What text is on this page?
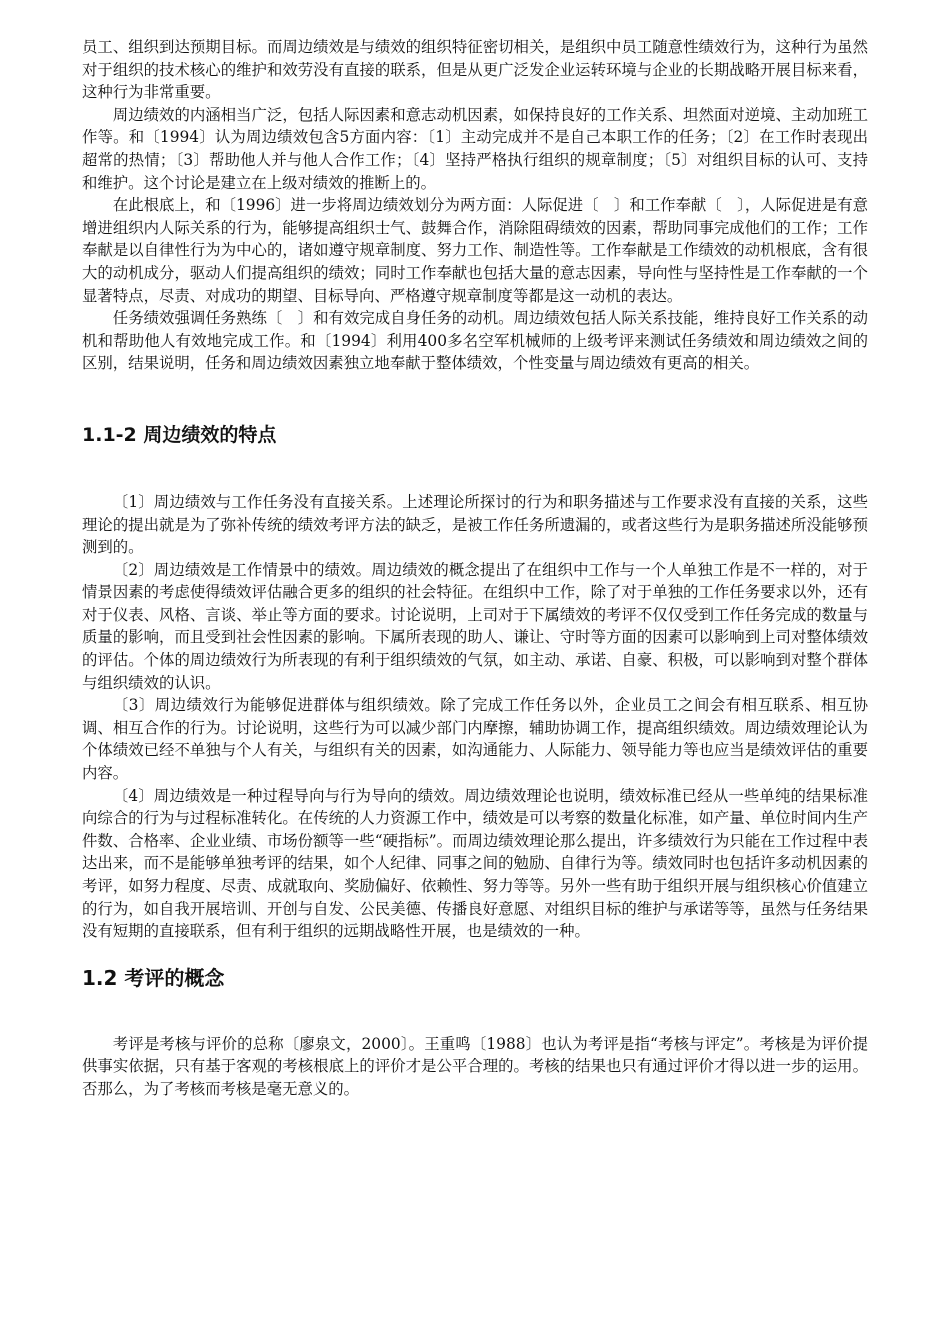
员工、组织到达预期目标。而周边绩效是与绩效的组织特征密切相关，是组织中员工随意性绩效行为，这种行为虽然对于组织的技术核心的维护和效劳没有直接的联系，但是从更广泛发企业运转环境与企业的长期战略开展目标来看，这种行为非常重要。

周边绩效的内涵相当广泛，包括人际因素和意志动机因素，如保持良好的工作关系、坦然面对逆境、主动加班工作等。和〔1994〕认为周边绩效包含5方面内容：〔1〕主动完成并不是自己本职工作的任务；〔2〕在工作时表现出超常的热情；〔3〕帮助他人并与他人合作工作；〔4〕坚持严格执行组织的规章制度；〔5〕对组织目标的认可、支持和维护。这个讨论是建立在上级对绩效的推断上的。

在此根底上，和〔1996〕进一步将周边绩效划分为两方面：人际促进〔　〕和工作奉献〔　〕，人际促进是有意增进组织内人际关系的行为，能够提高组织士气、鼓舞合作，消除阻碍绩效的因素，帮助同事完成他们的工作；工作奉献是以自律性行为为中心的，诸如遵守规章制度、努力工作、制造性等。工作奉献是工作绩效的动机根底，含有很大的动机成分，驱动人们提高组织的绩效；同时工作奉献也包括大量的意志因素，导向性与坚持性是工作奉献的一个显著特点，尽责、对成功的期望、目标导向、严格遵守规章制度等都是这一动机的表达。

任务绩效强调任务熟练〔　〕和有效完成自身任务的动机。周边绩效包括人际关系技能，维持良好工作关系的动机和帮助他人有效地完成工作。和〔1994〕利用400多名空军机械师的上级考评来测试任务绩效和周边绩效之间的区别，结果说明，任务和周边绩效因素独立地奉献于整体绩效，个性变量与周边绩效有更高的相关。

1.1-2 周边绩效的特点

〔1〕周边绩效与工作任务没有直接关系。上述理论所探讨的行为和职务描述与工作要求没有直接的关系，这些理论的提出就是为了弥补传统的绩效考评方法的缺乏，是被工作任务所遗漏的，或者这些行为是职务描述所没能够预测到的。

〔2〕周边绩效是工作情景中的绩效。周边绩效的概念提出了在组织中工作与一个人单独工作是不一样的，对于情景因素的考虑使得绩效评估融合更多的组织的社会特征。在组织中工作，除了对于单独的工作任务要求以外，还有对于仪表、风格、言谈、举止等方面的要求。讨论说明，上司对于下属绩效的考评不仅仅受到工作任务完成的数量与质量的影响，而且受到社会性因素的影响。下属所表现的助人、谦让、守时等方面的因素可以影响到上司对整体绩效的评估。个体的周边绩效行为所表现的有利于组织绩效的气氛，如主动、承诺、自豪、积极，可以影响到对整个群体与组织绩效的认识。

〔3〕周边绩效行为能够促进群体与组织绩效。除了完成工作任务以外，企业员工之间会有相互联系、相互协调、相互合作的行为。讨论说明，这些行为可以减少部门内摩擦，辅助协调工作，提高组织绩效。周边绩效理论认为个体绩效已经不单独与个人有关，与组织有关的因素，如沟通能力、人际能力、领导能力等也应当是绩效评估的重要内容。

〔4〕周边绩效是一种过程导向与行为导向的绩效。周边绩效理论也说明，绩效标准已经从一些单纯的结果标准向综合的行为与过程标准转化。在传统的人力资源工作中，绩效是可以考察的数量化标准，如产量、单位时间内生产件数、合格率、企业业绩、市场份额等一些“硬指标”。而周边绩效理论那么提出，许多绩效行为只能在工作过程中表达出来，而不是能够单独考评的结果，如个人纪律、同事之间的勉励、自律行为等。绩效同时也包括许多动机因素的考评，如努力程度、尽责、成就取向、奖励偏好、依赖性、努力等等。另外一些有助于组织开展与组织核心价值建立的行为，如自我开展培训、开创与自发、公民美德、传播良好意愿、对组织目标的维护与承诺等等，虽然与任务结果没有短期的直接联系，但有利于组织的远期战略性开展，也是绩效的一种。

1.2 考评的概念

考评是考核与评价的总称〔廖泉文，2000〕。王重鸣〔1988〕也认为考评是指“考核与评定”。考核是为评价提供事实依据，只有基于客观的考核根底上的评价才是公平合理的。考核的结果也只有通过评价才得以进一步的运用。否那么，为了考核而考核是毫无意义的。
